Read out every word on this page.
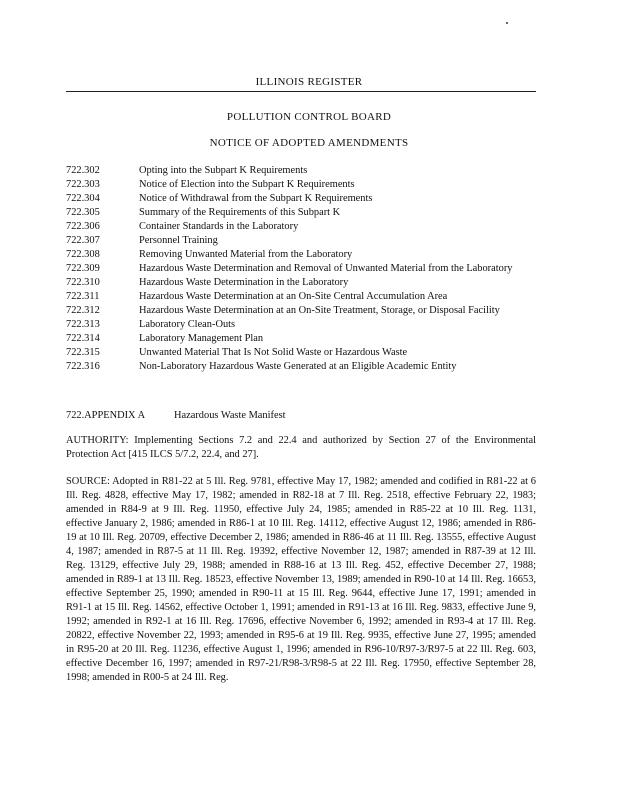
ILLINOIS REGISTER
POLLUTION CONTROL BOARD
NOTICE OF ADOPTED AMENDMENTS
722.302	Opting into the Subpart K Requirements
722.303	Notice of Election into the Subpart K Requirements
722.304	Notice of Withdrawal from the Subpart K Requirements
722.305	Summary of the Requirements of this Subpart K
722.306	Container Standards in the Laboratory
722.307	Personnel Training
722.308	Removing Unwanted Material from the Laboratory
722.309	Hazardous Waste Determination and Removal of Unwanted Material from the Laboratory
722.310	Hazardous Waste Determination in the Laboratory
722.311	Hazardous Waste Determination at an On-Site Central Accumulation Area
722.312	Hazardous Waste Determination at an On-Site Treatment, Storage, or Disposal Facility
722.313	Laboratory Clean-Outs
722.314	Laboratory Management Plan
722.315	Unwanted Material That Is Not Solid Waste or Hazardous Waste
722.316	Non-Laboratory Hazardous Waste Generated at an Eligible Academic Entity
722.APPENDIX A	Hazardous Waste Manifest
AUTHORITY: Implementing Sections 7.2 and 22.4 and authorized by Section 27 of the Environmental Protection Act [415 ILCS 5/7.2, 22.4, and 27].
SOURCE: Adopted in R81-22 at 5 Ill. Reg. 9781, effective May 17, 1982; amended and codified in R81-22 at 6 Ill. Reg. 4828, effective May 17, 1982; amended in R82-18 at 7 Ill. Reg. 2518, effective February 22, 1983; amended in R84-9 at 9 Ill. Reg. 11950, effective July 24, 1985; amended in R85-22 at 10 Ill. Reg. 1131, effective January 2, 1986; amended in R86-1 at 10 Ill. Reg. 14112, effective August 12, 1986; amended in R86-19 at 10 Ill. Reg. 20709, effective December 2, 1986; amended in R86-46 at 11 Ill. Reg. 13555, effective August 4, 1987; amended in R87-5 at 11 Ill. Reg. 19392, effective November 12, 1987; amended in R87-39 at 12 Ill. Reg. 13129, effective July 29, 1988; amended in R88-16 at 13 Ill. Reg. 452, effective December 27, 1988; amended in R89-1 at 13 Ill. Reg. 18523, effective November 13, 1989; amended in R90-10 at 14 Ill. Reg. 16653, effective September 25, 1990; amended in R90-11 at 15 Ill. Reg. 9644, effective June 17, 1991; amended in R91-1 at 15 Ill. Reg. 14562, effective October 1, 1991; amended in R91-13 at 16 Ill. Reg. 9833, effective June 9, 1992; amended in R92-1 at 16 Ill. Reg. 17696, effective November 6, 1992; amended in R93-4 at 17 Ill. Reg. 20822, effective November 22, 1993; amended in R95-6 at 19 Ill. Reg. 9935, effective June 27, 1995; amended in R95-20 at 20 Ill. Reg. 11236, effective August 1, 1996; amended in R96-10/R97-3/R97-5 at 22 Ill. Reg. 603, effective December 16, 1997; amended in R97-21/R98-3/R98-5 at 22 Ill. Reg. 17950, effective September 28, 1998; amended in R00-5 at 24 Ill. Reg.
